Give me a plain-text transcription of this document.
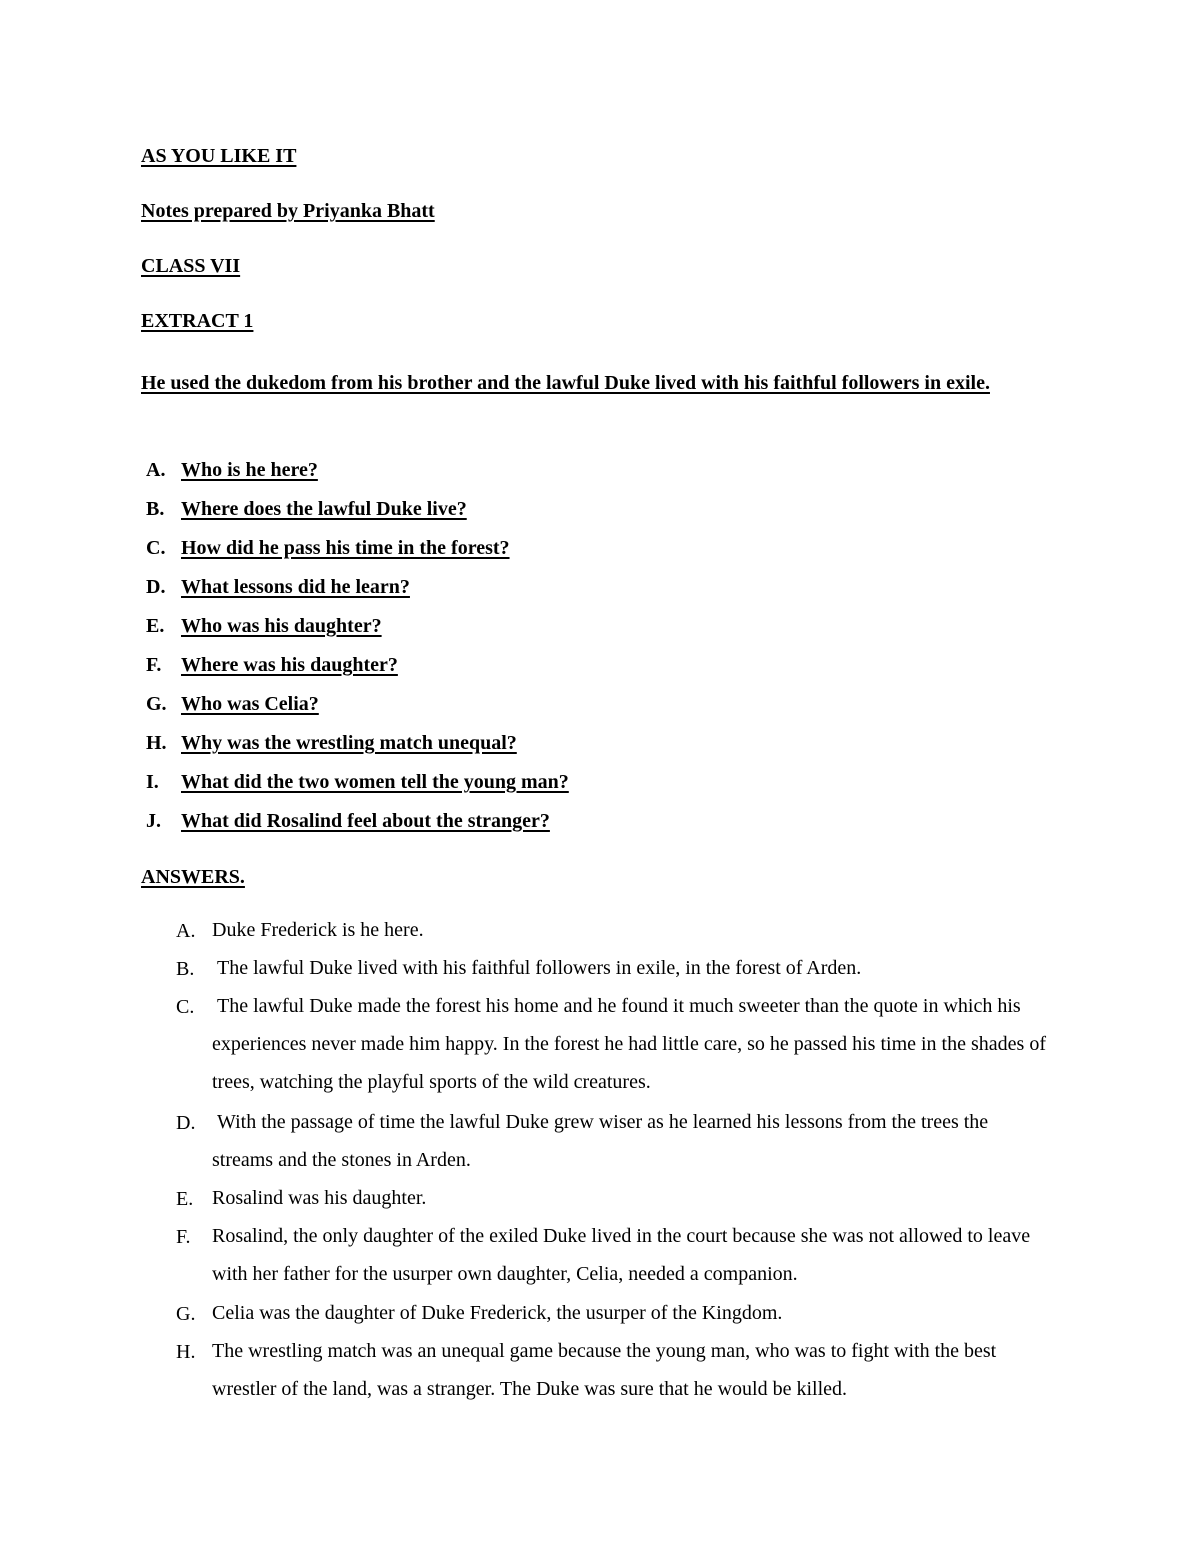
AS YOU LIKE IT
Notes prepared by Priyanka Bhatt
CLASS VII
EXTRACT 1
He used the dukedom from his brother and the lawful Duke lived with his faithful followers in exile.
A. Who is he here?
B. Where does the lawful Duke live?
C. How did he pass his time in the forest?
D. What lessons did he learn?
E. Who was his daughter?
F. Where was his daughter?
G. Who was Celia?
H. Why was the wrestling match unequal?
I. What did the two women tell the young man?
J. What did Rosalind feel about the stranger?
ANSWERS.
A. Duke Frederick is he here.
B. The lawful Duke lived with his faithful followers in exile, in the forest of Arden.
C. The lawful Duke made the forest his home and he found it much sweeter than the quote in which his experiences never made him happy. In the forest he had little care, so he passed his time in the shades of trees, watching the playful sports of the wild creatures.
D. With the passage of time the lawful Duke grew wiser as he learned his lessons from the trees the streams and the stones in Arden.
E. Rosalind was his daughter.
F. Rosalind, the only daughter of the exiled Duke lived in the court because she was not allowed to leave with her father for the usurper own daughter, Celia, needed a companion.
G. Celia was the daughter of Duke Frederick, the usurper of the Kingdom.
H. The wrestling match was an unequal game because the young man, who was to fight with the best wrestler of the land, was a stranger. The Duke was sure that he would be killed.
